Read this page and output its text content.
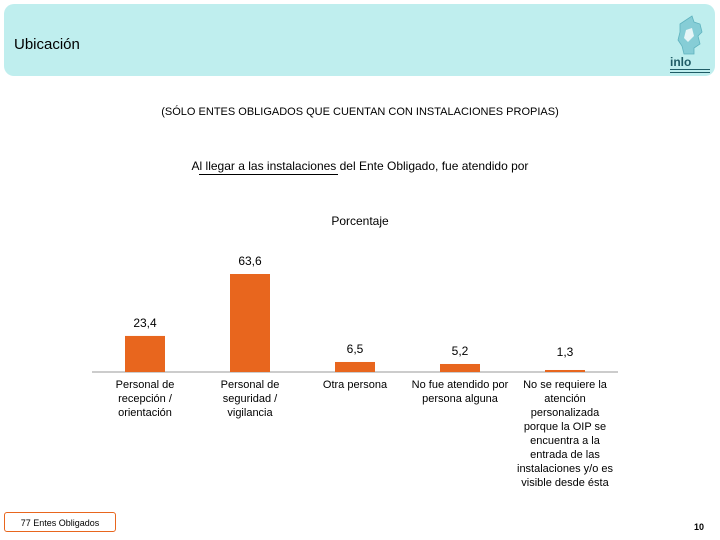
Ubicación
inlo
(SÓLO ENTES OBLIGADOS QUE CUENTAN CON INSTALACIONES PROPIAS)
Al llegar a las instalaciones del Ente Obligado, fue atendido por
Porcentaje
23,4
Personal de recepción / orientación
63,6
Personal de seguridad / vigilancia
6,5
Otra persona
5,2
No fue atendido por persona alguna
1,3
No se requiere la atención personalizada porque la OIP se encuentra a la entrada de las instalaciones y/o es visible desde ésta
77 Entes Obligados	10
